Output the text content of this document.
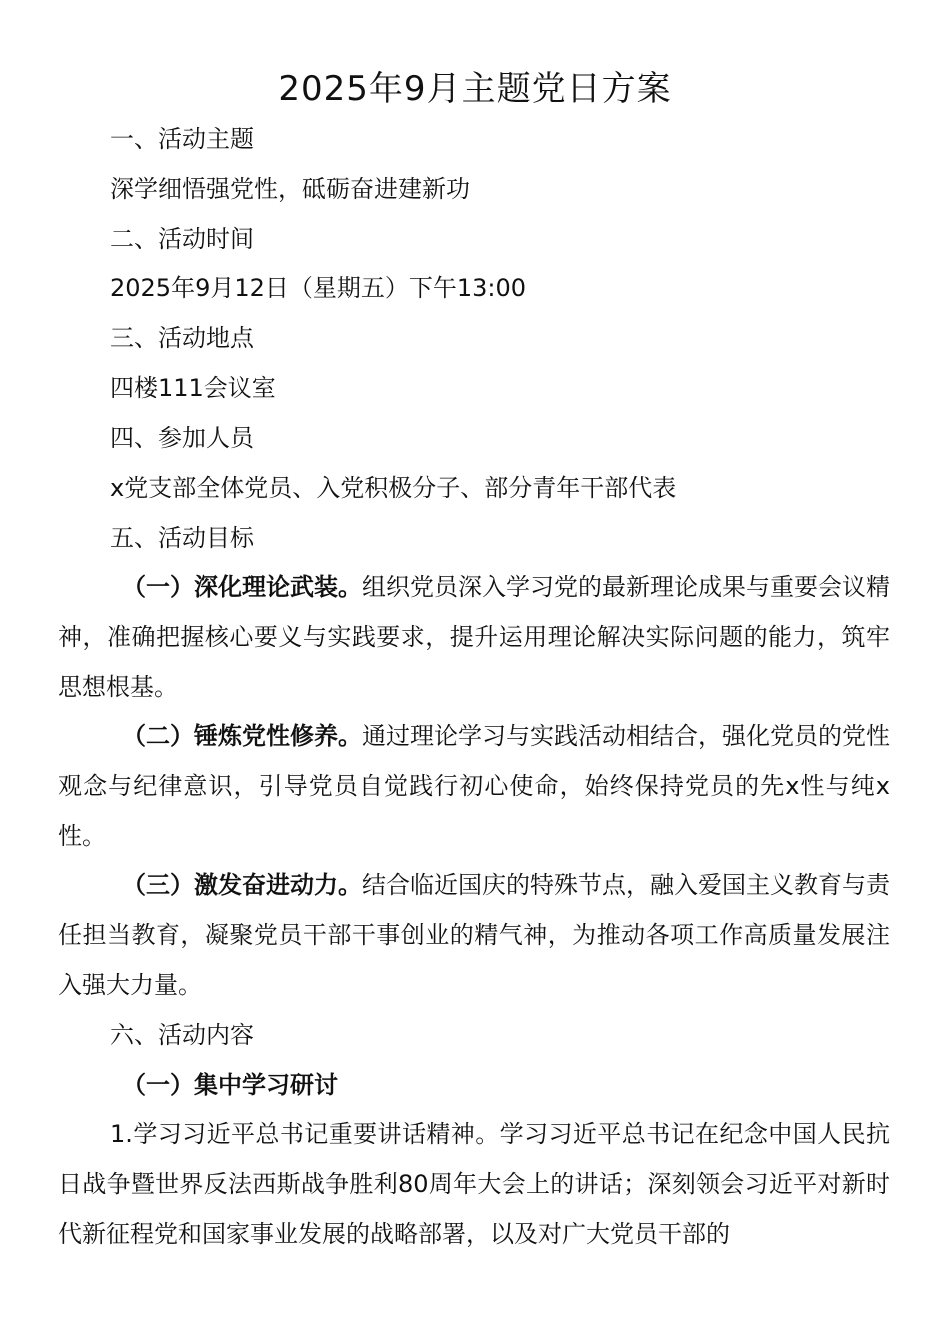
2025年9月主题党日方案

一、活动主题

深学细悟强党性，砥砺奋进建新功

二、活动时间

2025年9月12日（星期五）下午13:00

三、活动地点

四楼111会议室

四、参加人员

x党支部全体党员、入党积极分子、部分青年干部代表

五、活动目标

（一）深化理论武装。组织党员深入学习党的最新理论成果与重要会议精神，准确把握核心要义与实践要求，提升运用理论解决实际问题的能力，筑牢思想根基。

（二）锤炼党性修养。通过理论学习与实践活动相结合，强化党员的党性观念与纪律意识，引导党员自觉践行初心使命，始终保持党员的先x性与纯x性。

（三）激发奋进动力。结合临近国庆的特殊节点，融入爱国主义教育与责任担当教育，凝聚党员干部干事创业的精气神，为推动各项工作高质量发展注入强大力量。

六、活动内容

（一）集中学习研讨

1.学习习近平总书记重要讲话精神。学习习近平总书记在纪念中国人民抗日战争暨世界反法西斯战争胜利80周年大会上的讲话；深刻领会习近平对新时代新征程党和国家事业发展的战略部署，以及对广大党员干部的
